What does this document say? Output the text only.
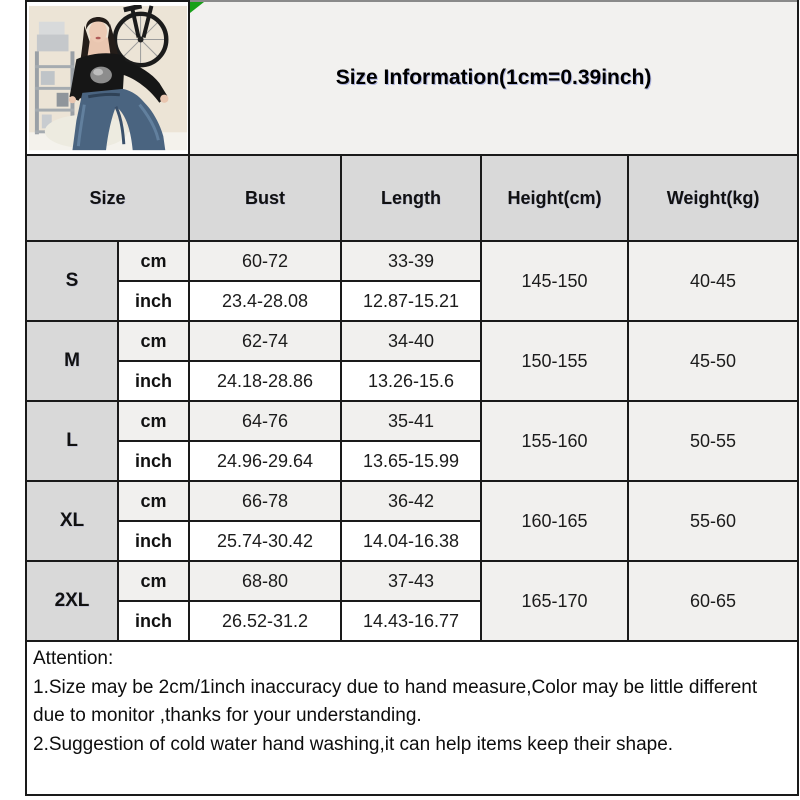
Size Information(1cm=0.39inch)			
Size		Bust	Length	Height(cm)	Weight(kg)
S	cm	60-72	33-39	145-150	40-45
	inch	23.4-28.08	12.87-15.21		
M	cm	62-74	34-40	150-155	45-50
	inch	24.18-28.86	13.26-15.6		
L	cm	64-76	35-41	155-160	50-55
	inch	24.96-29.64	13.65-15.99		
XL	cm	66-78	36-42	160-165	55-60
	inch	25.74-30.42	14.04-16.38		
2XL	cm	68-80	37-43	165-170	60-65
	inch	26.52-31.2	14.43-16.77		

Attention:
1.Size may be 2cm/1inch inaccuracy due to hand measure,Color may be little different due to monitor ,thanks for your understanding.
2.Suggestion of cold water hand washing,it can help items keep their shape.					
